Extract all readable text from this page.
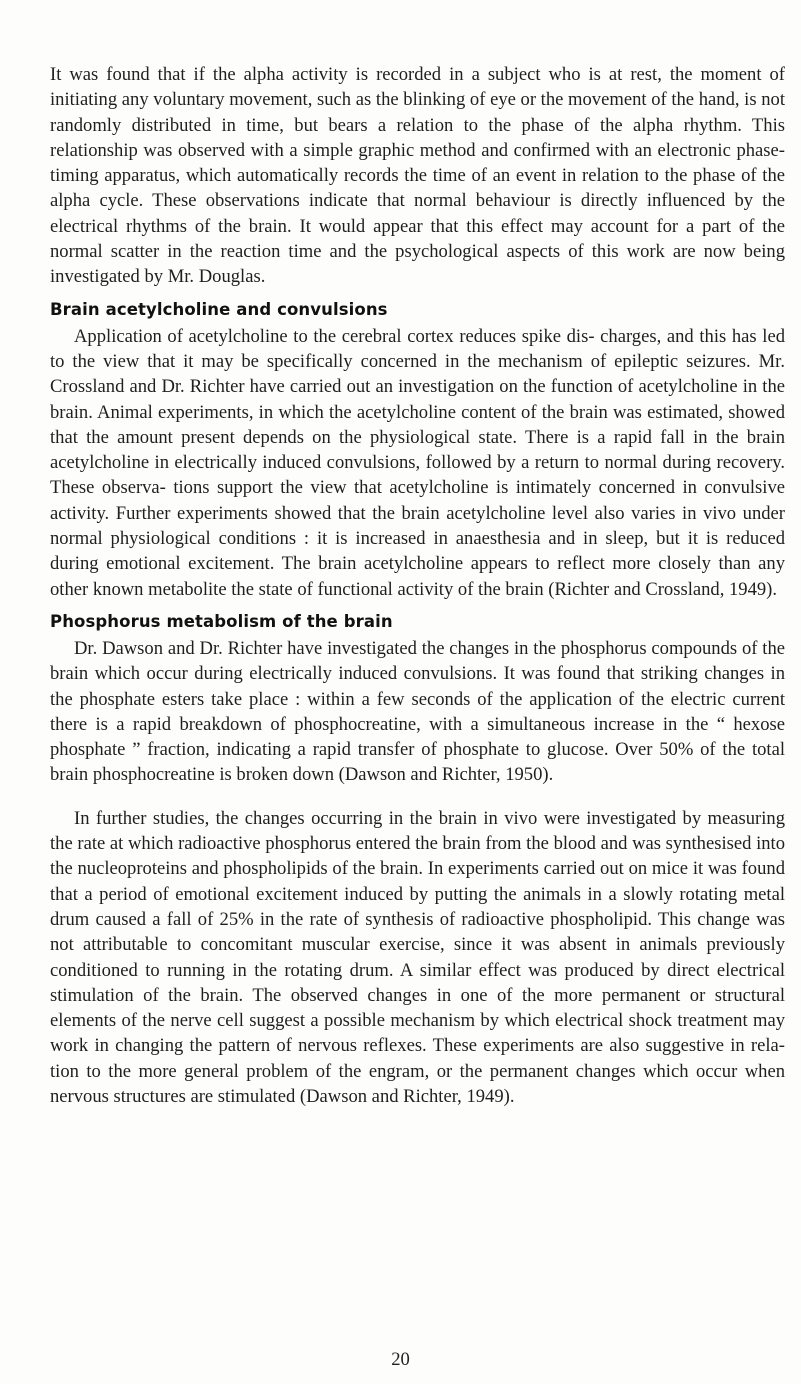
It was found that if the alpha activity is recorded in a subject who is at rest, the moment of initiating any voluntary movement, such as the blinking of eye or the movement of the hand, is not randomly distributed in time, but bears a relation to the phase of the alpha rhythm. This relationship was observed with a simple graphic method and confirmed with an electronic phase-timing apparatus, which automatically records the time of an event in relation to the phase of the alpha cycle. These observations indicate that normal behaviour is directly influenced by the electrical rhythms of the brain. It would appear that this effect may account for a part of the normal scatter in the reaction time and the psychological aspects of this work are now being investigated by Mr. Douglas.

Brain acetylcholine and convulsions

Application of acetylcholine to the cerebral cortex reduces spike dis- charges, and this has led to the view that it may be specifically concerned in the mechanism of epileptic seizures. Mr. Crossland and Dr. Richter have carried out an investigation on the function of acetylcholine in the brain. Animal experiments, in which the acetylcholine content of the brain was estimated, showed that the amount present depends on the physiological state. There is a rapid fall in the brain acetylcholine in electrically induced convulsions, followed by a return to normal during recovery. These observa- tions support the view that acetylcholine is intimately concerned in convulsive activity. Further experiments showed that the brain acetylcholine level also varies in vivo under normal physiological conditions : it is increased in anaesthesia and in sleep, but it is reduced during emotional excitement. The brain acetylcholine appears to reflect more closely than any other known metabolite the state of functional activity of the brain (Richter and Crossland, 1949).

Phosphorus metabolism of the brain

Dr. Dawson and Dr. Richter have investigated the changes in the phosphorus compounds of the brain which occur during electrically induced convulsions. It was found that striking changes in the phosphate esters take place : within a few seconds of the application of the electric current there is a rapid breakdown of phosphocreatine, with a simultaneous increase in the “ hexose phosphate ” fraction, indicating a rapid transfer of phosphate to glucose. Over 50% of the total brain phosphocreatine is broken down (Dawson and Richter, 1950).

In further studies, the changes occurring in the brain in vivo were investigated by measuring the rate at which radioactive phosphorus entered the brain from the blood and was synthesised into the nucleoproteins and phospholipids of the brain. In experiments carried out on mice it was found that a period of emotional excitement induced by putting the animals in a slowly rotating metal drum caused a fall of 25% in the rate of synthesis of radioactive phospholipid. This change was not attributable to concomitant muscular exercise, since it was absent in animals previously conditioned to running in the rotating drum. A similar effect was produced by direct electrical stimulation of the brain. The observed changes in one of the more permanent or structural elements of the nerve cell suggest a possible mechanism by which electrical shock treatment may work in changing the pattern of nervous reflexes. These experiments are also suggestive in rela- tion to the more general problem of the engram, or the permanent changes which occur when nervous structures are stimulated (Dawson and Richter, 1949).

20
